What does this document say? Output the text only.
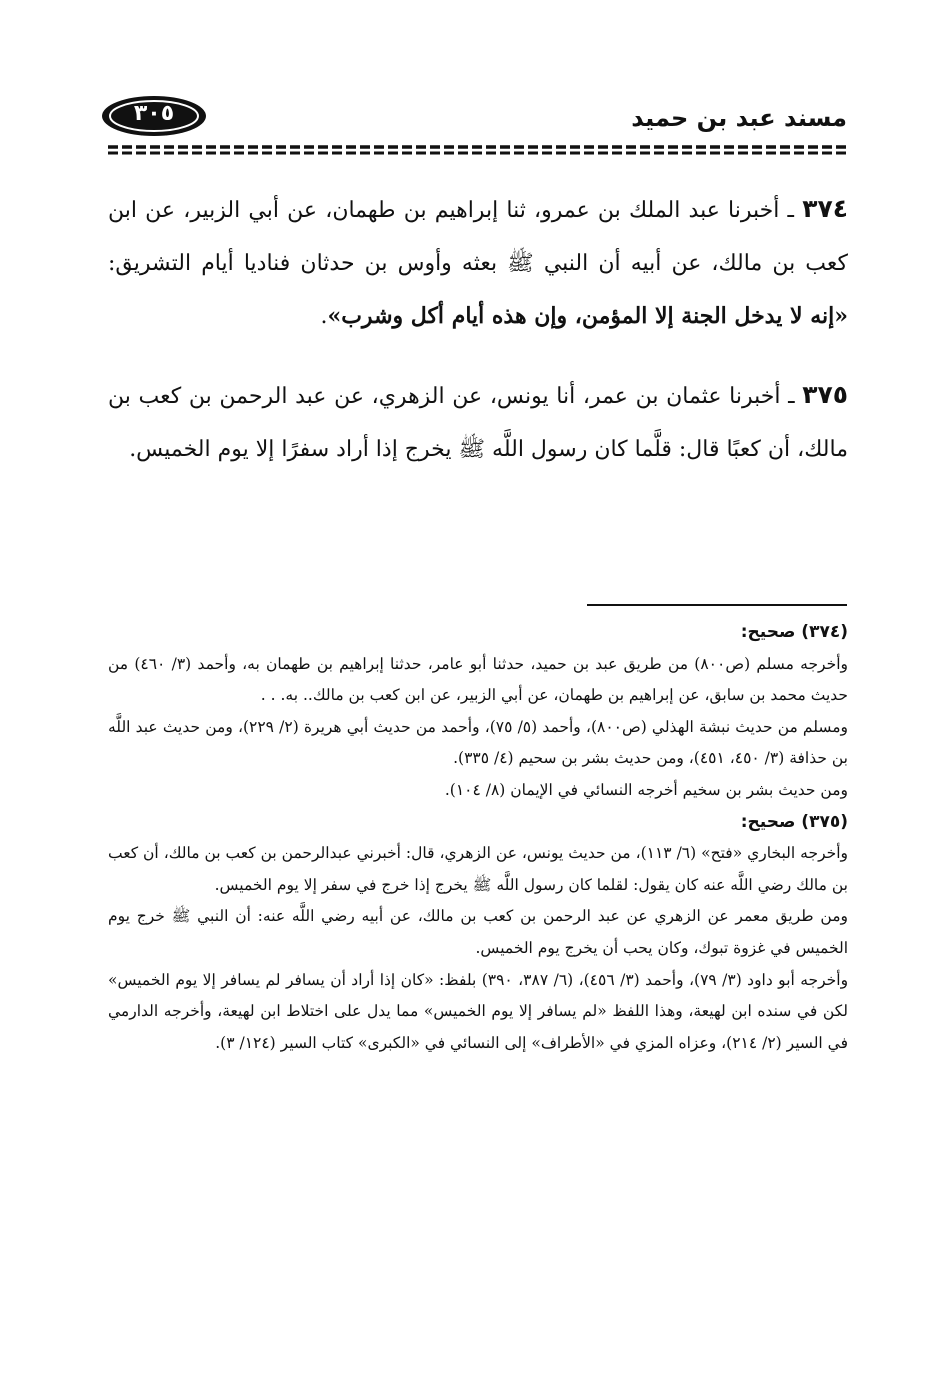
مسند عبد بن حميد
٣٠٥

٣٧٤ ـ أخبرنا عبد الملك بن عمرو، ثنا إبراهيم بن طهمان، عن أبي الزبير، عن ابن كعب بن مالك، عن أبيه أن النبي ﷺ بعثه وأوس بن حدثان فناديا أيام التشريق: «إنه لا يدخل الجنة إلا المؤمن، وإن هذه أيام أكل وشرب».

٣٧٥ ـ أخبرنا عثمان بن عمر، أنا يونس، عن الزهري، عن عبد الرحمن بن كعب بن مالك، أن كعبًا قال: قلَّما كان رسول اللَّه ﷺ يخرج إذا أراد سفرًا إلا يوم الخميس.

(٣٧٤) صحيح:

وأخرجه مسلم (ص٨٠٠) من طريق عبد بن حميد، حدثنا أبو عامر، حدثنا إبراهيم بن طهمان به، وأحمد (٣/ ٤٦٠) من حديث محمد بن سابق، عن إبراهيم بن طهمان، عن أبي الزبير، عن ابن كعب بن مالك.. به. . .

ومسلم من حديث نبشة الهذلي (ص٨٠٠)، وأحمد (٥/ ٧٥)، وأحمد من حديث أبي هريرة (٢/ ٢٢٩)، ومن حديث عبد اللَّه بن حذافة (٣/ ٤٥٠، ٤٥١)، ومن حديث بشر بن سحيم (٤/ ٣٣٥).

ومن حديث بشر بن سخيم أخرجه النسائي في الإيمان (٨/ ١٠٤).

(٣٧٥) صحيح:

وأخرجه البخاري «فتح» (٦/ ١١٣)، من حديث يونس، عن الزهري، قال: أخبرني عبدالرحمن بن كعب بن مالك، أن كعب بن مالك رضي اللَّه عنه كان يقول: لقلما كان رسول اللَّه ﷺ يخرج إذا خرج في سفر إلا يوم الخميس.

ومن طريق معمر عن الزهري عن عبد الرحمن بن كعب بن مالك، عن أبيه رضي اللَّه عنه: أن النبي ﷺ خرج يوم الخميس في غزوة تبوك، وكان يحب أن يخرج يوم الخميس.

وأخرجه أبو داود (٣/ ٧٩)، وأحمد (٣/ ٤٥٦)، (٦/ ٣٨٧، ٣٩٠) بلفظ: «كان إذا أراد أن يسافر لم يسافر إلا يوم الخميس» لكن في سنده ابن لهيعة، وهذا اللفظ «لم يسافر إلا يوم الخميس» مما يدل على اختلاط ابن لهيعة، وأخرجه الدارمي في السير (٢/ ٢١٤)، وعزاه المزي في «الأطراف» إلى النسائي في «الكبرى» كتاب السير (١٢٤/ ٣).
